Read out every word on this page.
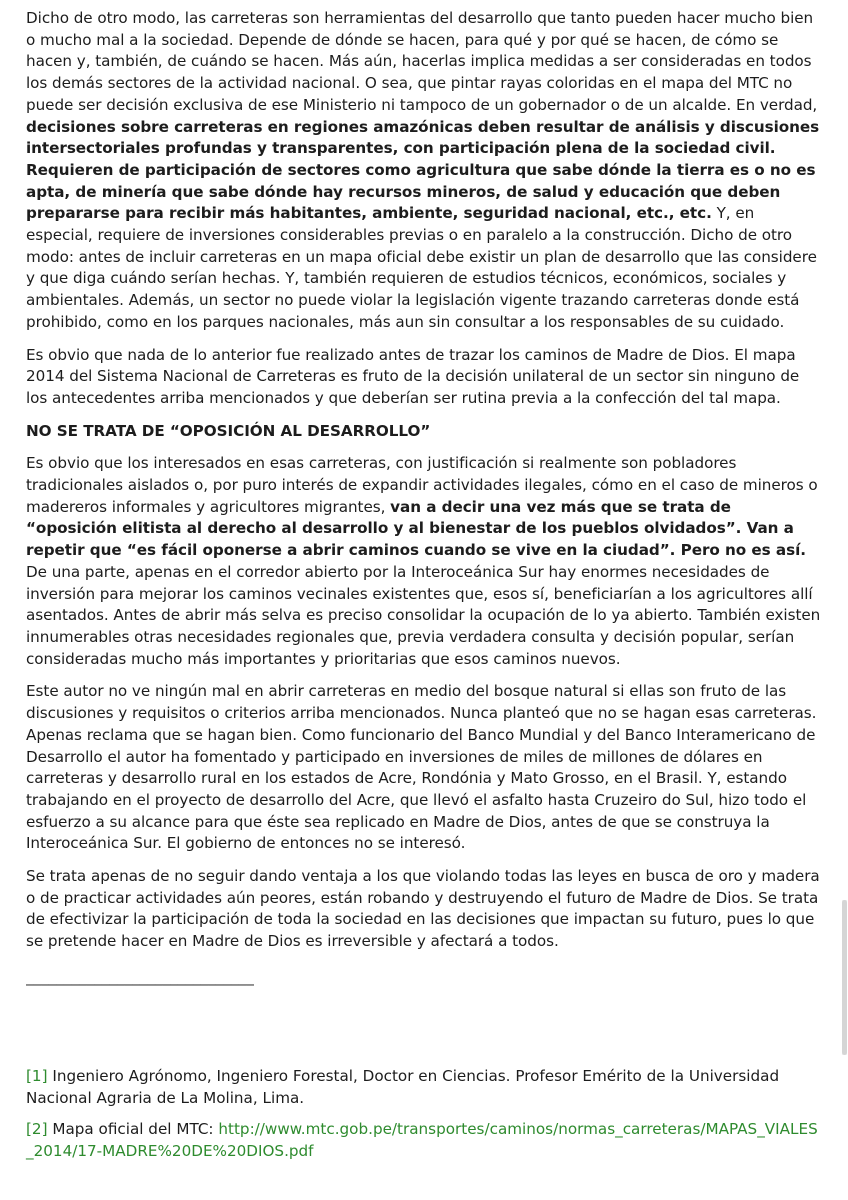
Dicho de otro modo, las carreteras son herramientas del desarrollo que tanto pueden hacer mucho bien o mucho mal a la sociedad. Depende de dónde se hacen, para qué y por qué se hacen, de cómo se hacen y, también, de cuándo se hacen. Más aún, hacerlas implica medidas a ser consideradas en todos los demás sectores de la actividad nacional. O sea, que pintar rayas coloridas en el mapa del MTC no puede ser decisión exclusiva de ese Ministerio ni tampoco de un gobernador o de un alcalde. En verdad, decisiones sobre carreteras en regiones amazónicas deben resultar de análisis y discusiones intersectoriales profundas y transparentes, con participación plena de la sociedad civil. Requieren de participación de sectores como agricultura que sabe dónde la tierra es o no es apta, de minería que sabe dónde hay recursos mineros, de salud y educación que deben prepararse para recibir más habitantes, ambiente, seguridad nacional, etc., etc. Y, en especial, requiere de inversiones considerables previas o en paralelo a la construcción. Dicho de otro modo: antes de incluir carreteras en un mapa oficial debe existir un plan de desarrollo que las considere y que diga cuándo serían hechas. Y, también requieren de estudios técnicos, económicos, sociales y ambientales. Además, un sector no puede violar la legislación vigente trazando carreteras donde está prohibido, como en los parques nacionales, más aun sin consultar a los responsables de su cuidado.

Es obvio que nada de lo anterior fue realizado antes de trazar los caminos de Madre de Dios. El mapa 2014 del Sistema Nacional de Carreteras es fruto de la decisión unilateral de un sector sin ninguno de los antecedentes arriba mencionados y que deberían ser rutina previa a la confección del tal mapa.

NO SE TRATA DE “OPOSICIÓN AL DESARROLLO”

Es obvio que los interesados en esas carreteras, con justificación si realmente son pobladores tradicionales aislados o, por puro interés de expandir actividades ilegales, cómo en el caso de mineros o madereros informales y agricultores migrantes, van a decir una vez más que se trata de “oposición elitista al derecho al desarrollo y al bienestar de los pueblos olvidados”. Van a repetir que “es fácil oponerse a abrir caminos cuando se vive en la ciudad”. Pero no es así. De una parte, apenas en el corredor abierto por la Interoceánica Sur hay enormes necesidades de inversión para mejorar los caminos vecinales existentes que, esos sí, beneficiarían a los agricultores allí asentados. Antes de abrir más selva es preciso consolidar la ocupación de lo ya abierto. También existen innumerables otras necesidades regionales que, previa verdadera consulta y decisión popular, serían consideradas mucho más importantes y prioritarias que esos caminos nuevos.

Este autor no ve ningún mal en abrir carreteras en medio del bosque natural si ellas son fruto de las discusiones y requisitos o criterios arriba mencionados. Nunca planteó que no se hagan esas carreteras. Apenas reclama que se hagan bien. Como funcionario del Banco Mundial y del Banco Interamericano de Desarrollo el autor ha fomentado y participado en inversiones de miles de millones de dólares en carreteras y desarrollo rural en los estados de Acre, Rondónia y Mato Grosso, en el Brasil. Y, estando trabajando en el proyecto de desarrollo del Acre, que llevó el asfalto hasta Cruzeiro do Sul, hizo todo el esfuerzo a su alcance para que éste sea replicado en Madre de Dios, antes de que se construya la Interoceánica Sur. El gobierno de entonces no se interesó.

Se trata apenas de no seguir dando ventaja a los que violando todas las leyes en busca de oro y madera o de practicar actividades aún peores, están robando y destruyendo el futuro de Madre de Dios. Se trata de efectivizar la participación de toda la sociedad en las decisiones que impactan su futuro, pues lo que se pretende hacer en Madre de Dios es irreversible y afectará a todos.

______________________________

[1] Ingeniero Agrónomo, Ingeniero Forestal, Doctor en Ciencias. Profesor Emérito de la Universidad Nacional Agraria de La Molina, Lima.

[2] Mapa oficial del MTC: http://www.mtc.gob.pe/transportes/caminos/normas_carreteras/MAPAS_VIALES_2014/17-MADRE%20DE%20DIOS.pdf
